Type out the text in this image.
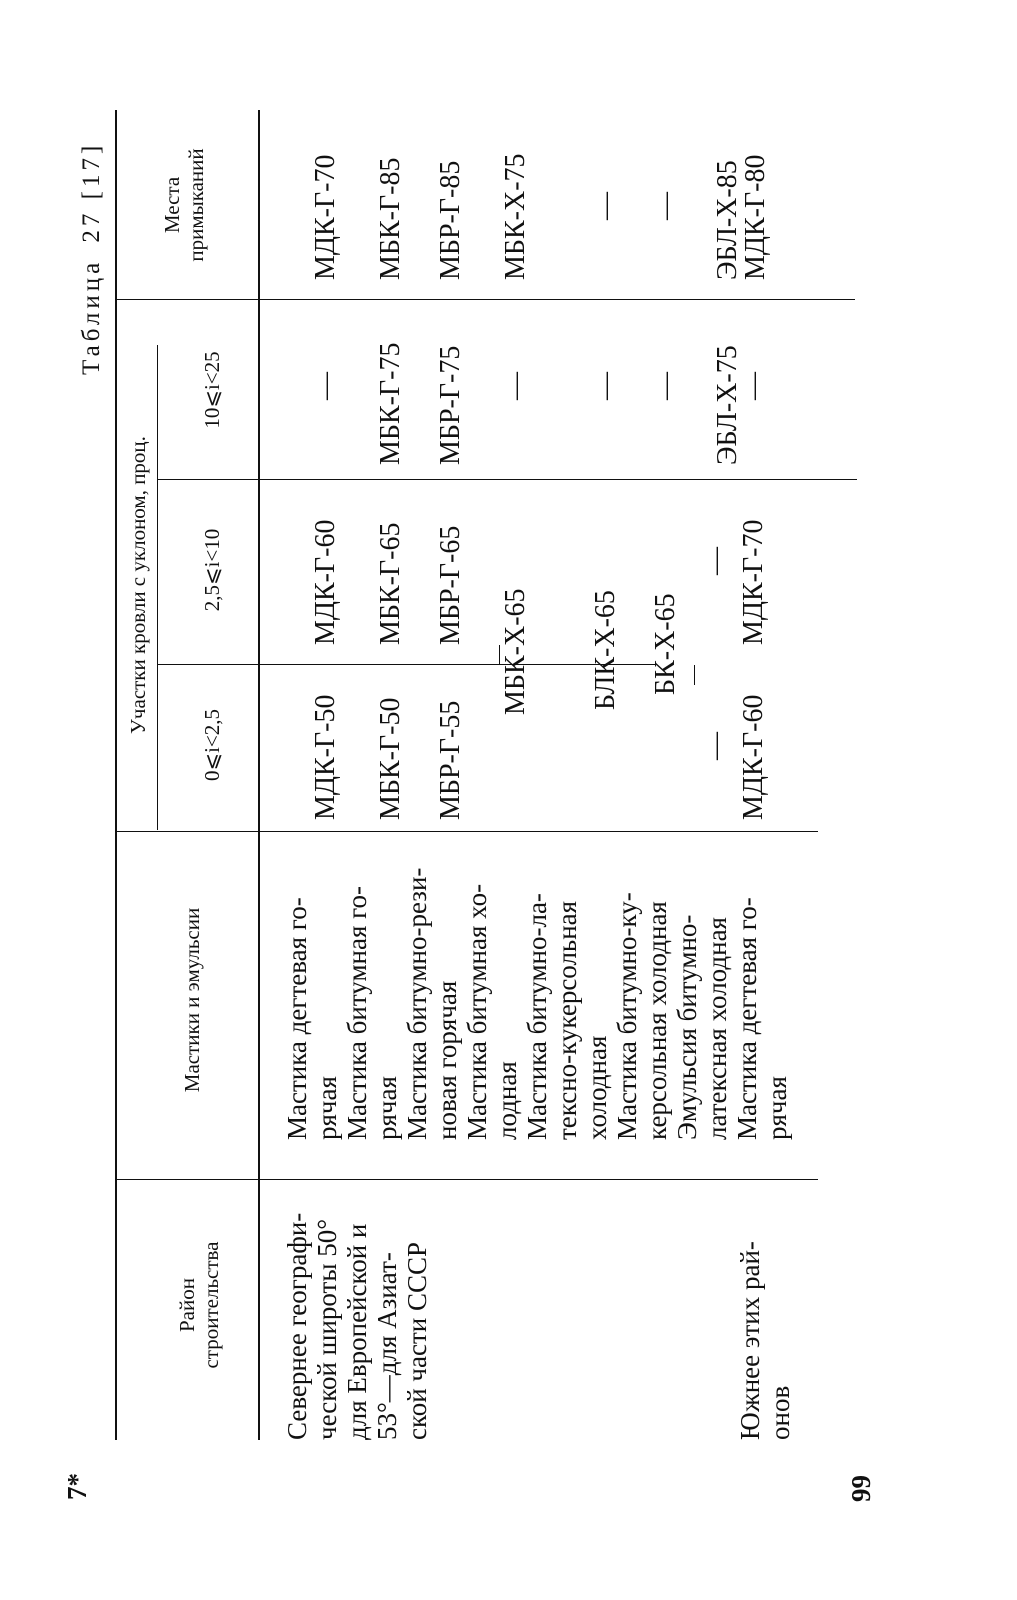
Таблица 27 [17]
Район строительства
Мастики и эмульсии
Участки кровли с уклоном, проц.
0⩽i<2,5
2,5⩽i<10
10⩽i<25
Места примыканий
Севернее географи- ческой широты 50° для Европейской и 53°—для Азиат- ской части СССР	Южнее этих рай- онов
Мастика дегтевая го- рячая Мастика битумная го- рячая Мастика битумно-рези- новая горячая Мастика битумная хо- лодная Мастика битумно-ла- тексно-кукерсольная холодная Мастика битумно-ку- керсольная холодная Эмульсия битумно- латексная холодная Мастика дегтевая го- рячая
МДК-Г-50
МДК-Г-60
—
МДК-Г-70
МБК-Г-50
МБК-Г-65
МБК-Г-75
МБК-Г-85
МБР-Г-55
МБР-Г-65
МБР-Г-75
МБР-Г-85
МБК-Х-65
—
МБК-Х-75
БЛК-Х-65
—
—
БК-Х-65
—
—
—
—
ЭБЛ-Х-75
ЭБЛ-Х-85
МДК-Г-60
МДК-Г-70
—
МДК-Г-80
7*	99
